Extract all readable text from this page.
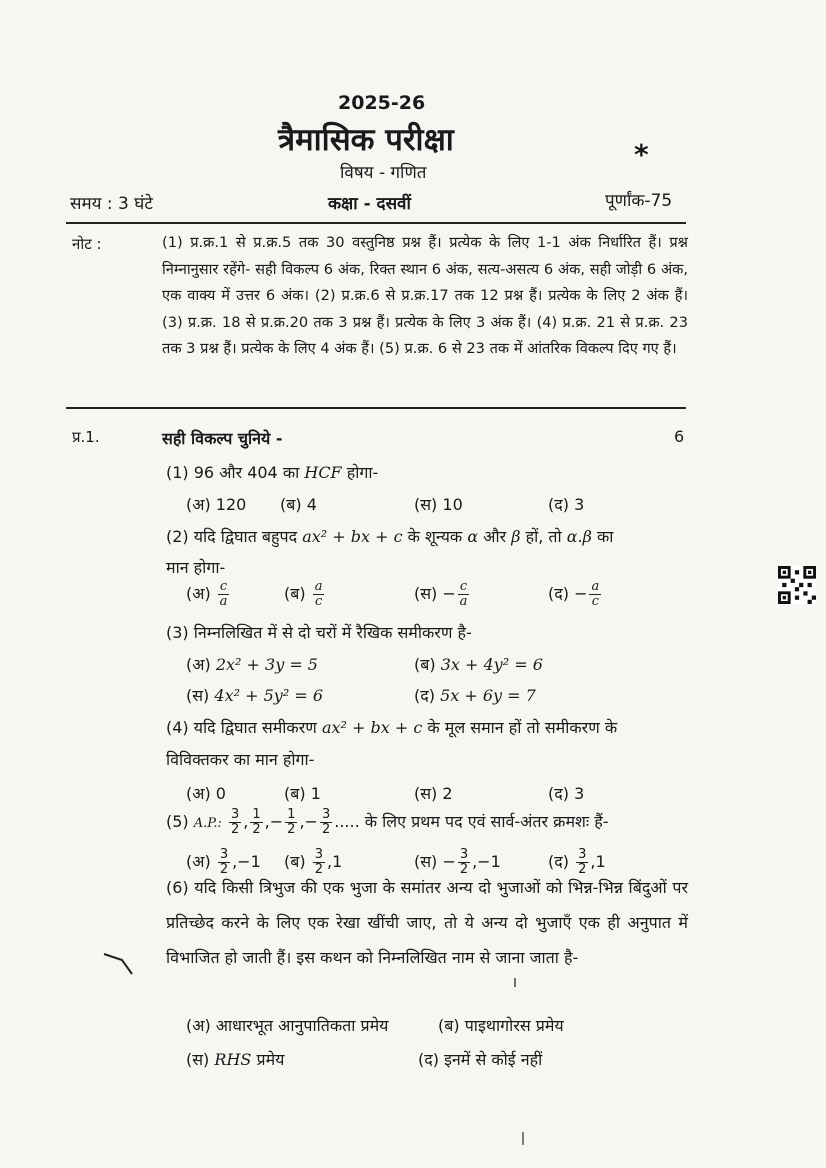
2025-26
त्रैमासिक परीक्षा	*
विषय - गणित
समय : 3 घंटे	कक्षा - दसवीं	पूर्णांक-75
नोट :	(1) प्र.क्र.1 से प्र.क्र.5 तक 30 वस्तुनिष्ठ प्रश्न हैं। प्रत्येक के लिए 1-1 अंक निर्धारित हैं। प्रश्न निम्नानुसार रहेंगे- सही विकल्प 6 अंक, रिक्त स्थान 6 अंक, सत्य-असत्य 6 अंक, सही जोड़ी 6 अंक, एक वाक्य में उत्तर 6 अंक। (2) प्र.क्र.6 से प्र.क्र.17 तक 12 प्रश्न हैं। प्रत्येक के लिए 2 अंक हैं। (3) प्र.क्र. 18 से प्र.क्र.20 तक 3 प्रश्न हैं। प्रत्येक के लिए 3 अंक हैं। (4) प्र.क्र. 21 से प्र.क्र. 23 तक 3 प्रश्न हैं। प्रत्येक के लिए 4 अंक हैं। (5) प्र.क्र. 6 से 23 तक में आंतरिक विकल्प दिए गए हैं।
प्र.1.	सही विकल्प चुनिये -	6
(1) 96 और 404 का HCF होगा-
(अ) 120 (ब) 4	(स) 10	(द) 3
(2) यदि द्विघात बहुपद ax² + bx + c के शून्यक α और β हों, तो α.β का
मान होगा-
(अ) $\frac{c}{a}$	(ब) $\frac{a}{c}$	(स) − $\frac{c}{a}$	(द) − $\frac{a}{c}$
(3) निम्नलिखित में से दो चरों में रैखिक समीकरण है-
(अ) 2x² + 3y = 5	(ब) 3x + 4y² = 6
(स) 4x² + 5y² = 6	(द) 5x + 6y = 7
(4) यदि द्विघात समीकरण ax² + bx + c के मूल समान हों तो समीकरण के
विविक्तकर का मान होगा-
(अ) 0	(ब) 1	(स) 2	(द) 3
(5) A.P.: $\frac{3}{2}$ , $\frac{1}{2}$ ,− $\frac{1}{2}$ ,− $\frac{3}{2}$ ..... के लिए प्रथम पद एवं सार्व-अंतर क्रमशः हैं-
(अ) $\frac{3}{2} ,-1$ (ब) $\frac{3}{2} ,1$	(स) − $\frac{3}{2} ,-1$	(द) $\frac{3}{2} ,1$
(6) यदि किसी त्रिभुज की एक भुजा के समांतर अन्य दो भुजाओं को भिन्न-भिन्न बिंदुओं पर प्रतिच्छेद करने के लिए एक रेखा खींची जाए, तो ये अन्य दो भुजाएँ एक ही अनुपात में विभाजित हो जाती हैं। इस कथन को निम्नलिखित नाम से जाना जाता है-
(अ) आधारभूत आनुपातिकता प्रमेय	(ब) पाइथागोरस प्रमेय
(स) RHS प्रमेय	(द) इनमें से कोई नहीं
